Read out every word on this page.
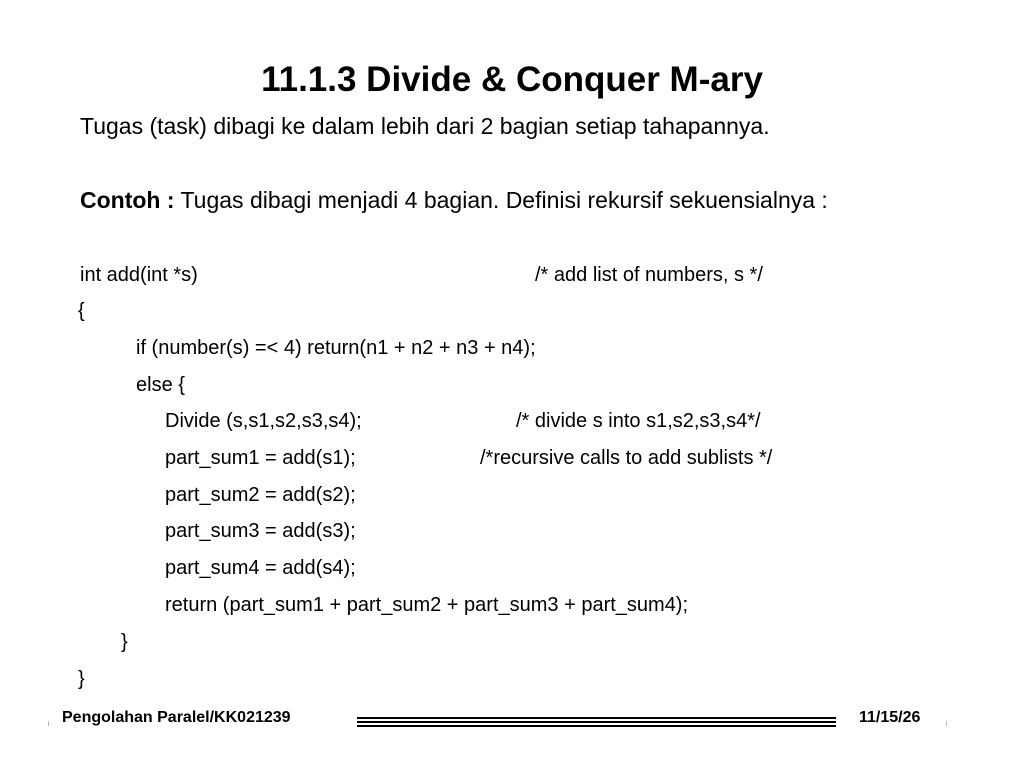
11.1.3 Divide & Conquer M-ary

Tugas (task) dibagi ke dalam lebih dari 2 bagian setiap tahapannya.

Contoh : Tugas dibagi menjadi 4 bagian. Definisi rekursif sekuensialnya :

int add(int *s)	/* add list of numbers, s */
{
if (number(s) =< 4) return(n1 + n2 + n3 + n4);
else {
Divide (s,s1,s2,s3,s4);	/* divide s into s1,s2,s3,s4*/
part_sum1 = add(s1);	/*recursive calls to add sublists */
part_sum2 = add(s2);
part_sum3 = add(s3);
part_sum4 = add(s4);
return (part_sum1 + part_sum2 + part_sum3 + part_sum4);
}
}
Pengolahan Paralel/KK021239	11/15/26
